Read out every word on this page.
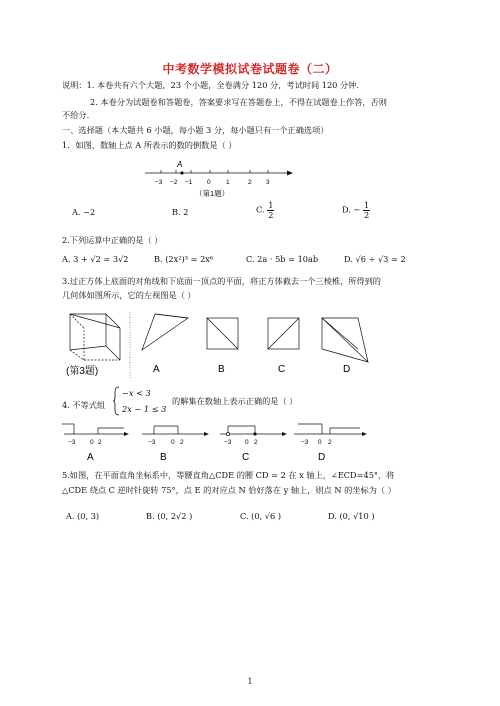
中考数学模拟试卷试题卷（二）
说明：1. 本卷共有六个大题，23 个小题，全卷满分 120 分，考试时间 120 分钟.
2. 本卷分为试题卷和答题卷，答案要求写在答题卷上，不得在试题卷上作答，否则
不给分.
一、选择题（本大题共 6 小题，每小题 3 分，每小题只有一个正确选项）
1．如图，数轴上点 A 所表示的数的倒数是（ ）
A
−3 −2 −1 0 1	2 3
（第1题）
A. −2	B. 2	C. $\frac{1}{2}$	D. − $\frac{1}{2}$
2.下列运算中正确的是（ ）
A. 3 + √2 = 3√2	B. (2x²)³ = 2x⁶	C. 2a · 5b = 10ab	D. √6 ÷ √3 = 2
3.过正方体上底面的对角线和下底面一顶点的平面，将正方体截去一个三棱椎，所得到的
几何体如图所示，它的左视图是（ ）
(第3题)	A	B	C	D
4. 不等式组
−x < 3
2x − 1 ≤ 3
的解集在数轴上表示正确的是（ ）
−3 0 2
A
−3 0 2
B
−3 0 2
C
−3 0 2
D
5.如图，在平面直角坐标系中，等腰直角△CDE 的腰 CD = 2 在 x 轴上，∠ECD=45°，将
△CDE 绕点 C 逆时针旋转 75°，点 E 的对应点 N 恰好落在 y 轴上，则点 N 的坐标为（ ）
A. (0, 3)	B. (0, 2√2 )	C. (0, √6 )	D. (0, √10 )
1
